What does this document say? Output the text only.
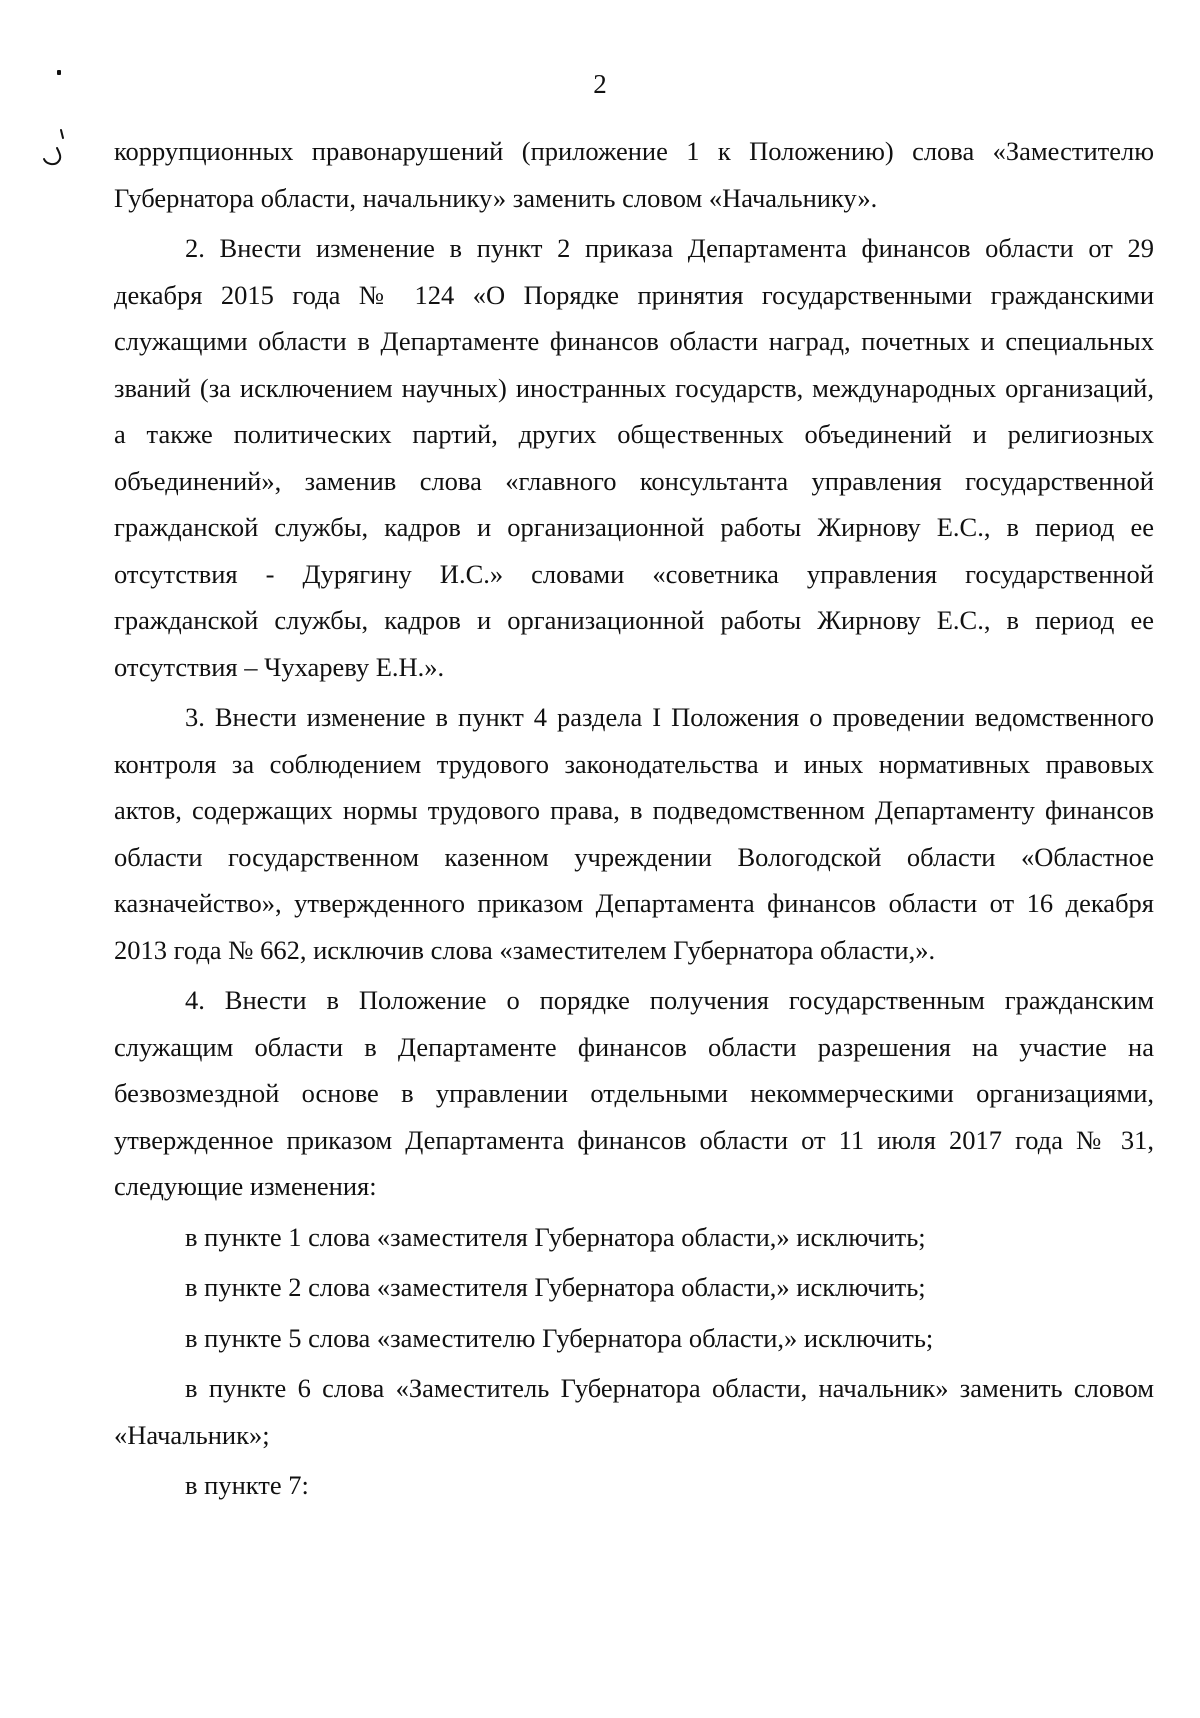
2

коррупционных правонарушений (приложение 1 к Положению) слова «Заместителю Губернатора области, начальнику» заменить словом «Начальнику».

2. Внести изменение в пункт 2 приказа Департамента финансов области от 29 декабря 2015 года № 124 «О Порядке принятия государственными гражданскими служащими области в Департаменте финансов области наград, почетных и специальных званий (за исключением научных) иностранных государств, международных организаций, а также политических партий, других общественных объединений и религиозных объединений», заменив слова «главного консультанта управления государственной гражданской службы, кадров и организационной работы Жирнову Е.С., в период ее отсутствия - Дурягину И.С.» словами «советника управления государственной гражданской службы, кадров и организационной работы Жирнову Е.С., в период ее отсутствия – Чухареву Е.Н.».

3. Внести изменение в пункт 4 раздела I Положения о проведении ведомственного контроля за соблюдением трудового законодательства и иных нормативных правовых актов, содержащих нормы трудового права, в подведомственном Департаменту финансов области государственном казенном учреждении Вологодской области «Областное казначейство», утвержденного приказом Департамента финансов области от 16 декабря 2013 года № 662, исключив слова «заместителем Губернатора области,».

4. Внести в Положение о порядке получения государственным гражданским служащим области в Департаменте финансов области разрешения на участие на безвозмездной основе в управлении отдельными некоммерческими организациями, утвержденное приказом Департамента финансов области от 11 июля 2017 года № 31, следующие изменения:

в пункте 1 слова «заместителя Губернатора области,» исключить;

в пункте 2 слова «заместителя Губернатора области,» исключить;

в пункте 5 слова «заместителю Губернатора области,» исключить;

в пункте 6 слова «Заместитель Губернатора области, начальник» заменить словом «Начальник»;

в пункте 7:
